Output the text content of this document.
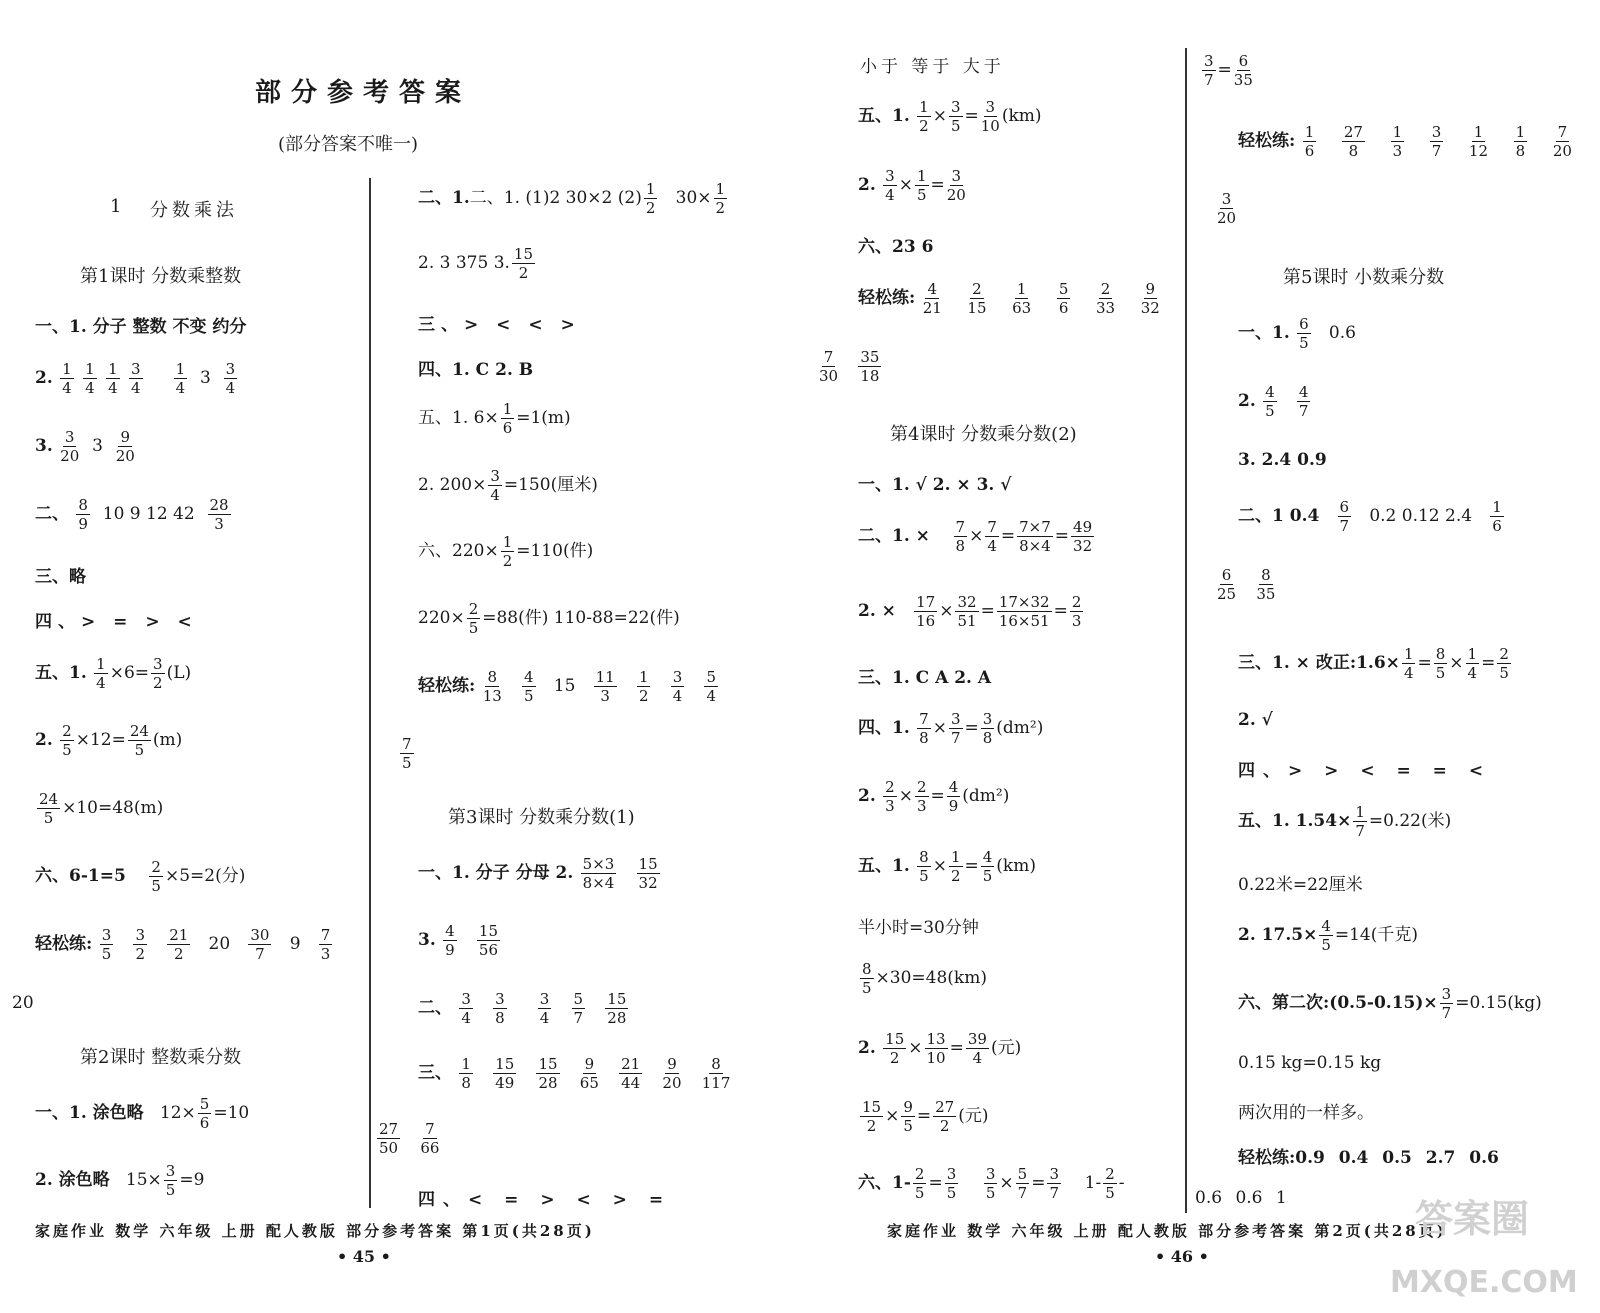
部分参考答案
(部分答案不唯一)
1 分数乘法
第1课时 分数乘整数
一、1. 分子 整数 不变 约分
2. $\frac{1}{4}$
$\frac{1}{4}$
$\frac{1}{4}$
$\frac{3}{4}$
$\frac{1}{4} 3 \frac{3}{4}$
3. $\frac{3}{20} 3 \frac{9}{20}$
二、 $\frac{8}{9} 10$ 9 12 $42 \frac{28}{3}$
三、略
四、> = > <
五、1. $\frac{1}{4} \times 6= \frac{3}{2} (L)$
2. $\frac{2}{5} \times 12= \frac{24}{5} (m)$
$\frac{24}{5} \times 10=48(m)$
六、$6-1=5 \frac{2}{5} \times 5=2$(分)
轻松练: $\frac{3}{5}$
$\frac{3}{2}$
$\frac{21}{2} 20 \frac{30}{7} 9 \frac{7}{3}$
20
第2课时 整数乘分数
一、1. 涂色略 $12\times \frac{5}{6} =10$
2. 涂色略 $15\times \frac{3}{5} =9$
二、1.二、1. (1)2 30×2 $(2) \frac{1}{2} 30\times \frac{1}{2}$
2. 3 375 3. $\frac{15}{2}$
三、> < < >
四、1. C 2. B
五、1. $6\times \frac{1}{6} =1(m)$
2. $200\times \frac{3}{4} =150$(厘米)
六、$220\times \frac{1}{2} =110$(件)
$220\times \frac{2}{5} =88$(件) 110-88=22(件)
轻松练: $\frac{8}{13}$
$\frac{4}{5} 15 \frac{11}{3}$
$\frac{1}{2}$
$\frac{3}{4}$
$\frac{5}{4}$
$\frac{7}{5}$
第3课时 分数乘分数(1)
一、1. 分子 分母 2. $\frac{5\times 3}{8\times 4}$
$\frac{15}{32}$
3. $\frac{4}{9}$
$\frac{15}{56}$
二、 $\frac{3}{4}$
$\frac{3}{8}$
$\frac{3}{4}$
$\frac{5}{7}$
$\frac{15}{28}$
三、 $\frac{1}{8}$
$\frac{15}{49}$
$\frac{15}{28}$
$\frac{9}{65}$
$\frac{21}{44}$
$\frac{9}{20}$
$\frac{8}{117}$
$\frac{27}{50}$
$\frac{7}{66}$
四、< = > < > =
家庭作业 数学 六年级 上册 配人教版 部分参考答案 第1页(共28页)
• 45 •
小于 等于 大于
五、1. $\frac{1}{2} \times \frac{3}{5} = \frac{3}{10} (km)$
2. $\frac{3}{4} \times \frac{1}{5} = \frac{3}{20}$
六、23 6
轻松练: $\frac{4}{21}$
$\frac{2}{15}$
$\frac{1}{63}$
$\frac{5}{6}$
$\frac{2}{33}$
$\frac{9}{32}$
$\frac{7}{30}$
$\frac{35}{18}$
第4课时 分数乘分数(2)
一、1. √ 2. × 3. √
二、1. × $\frac{7}{8} \times \frac{7}{4} = \frac{7\times 7}{8\times 4} = \frac{49}{32}$
2. × $\frac{17}{16} \times \frac{32}{51} = \frac{17\times 32}{16\times 51} = \frac{2}{3}$
三、1. C A 2. A
四、1. $\frac{7}{8} \times \frac{3}{7} = \frac{3}{8} (dm^2)$
2. $\frac{2}{3} \times \frac{2}{3} = \frac{4}{9} (dm^2)$
五、1. $\frac{8}{5} \times \frac{1}{2} = \frac{4}{5} (km)$
半小时=30分钟
$\frac{8}{5} \times 30=48(km)$
2. $\frac{15}{2} \times \frac{13}{10} = \frac{39}{4}$ (元)
$\frac{15}{2} \times \frac{9}{5} = \frac{27}{2}$ (元)
六、$1- \frac{2}{5} = \frac{3}{5}$
$\frac{3}{5} \times \frac{5}{7} = \frac{3}{7} 1- \frac{2}{5}$ -
$\frac{3}{7} = \frac{6}{35}$
轻松练: $\frac{1}{6}$
$\frac{27}{8}$
$\frac{1}{3}$
$\frac{3}{7}$
$\frac{1}{12}$
$\frac{1}{8}$
$\frac{7}{20}$
$\frac{3}{20}$
第5课时 小数乘分数
一、1. $\frac{6}{5} 0.6$
2. $\frac{4}{5}$
$\frac{4}{7}$
3. 2.4 0.9
二、1 $0.4 \frac{6}{7} 0.2$ 0.12 $2.4 \frac{1}{6}$
$\frac{6}{25}$
$\frac{8}{35}$
三、1. × 改正:1.6× $\frac{1}{4} = \frac{8}{5} \times \frac{1}{4} = \frac{2}{5}$
2. √
四、> > < = = <
五、1. $1.54\times \frac{1}{7} =0.22$(米)
0.22米=22厘米
2. $17.5\times \frac{4}{5} =14$(千克)
六、第二次:(0.5-0.15)× $\frac{3}{7} =0.15(kg)$
0.15 kg=0.15 kg
两次用的一样多。
轻松练:0.9 0.4 0.5 2.7 0.6
0.6 0.6 1
家庭作业 数学 六年级 上册 配人教版 部分参考答案 第2页(共28页)
• 46 •
答案圈
MXQE.COM
